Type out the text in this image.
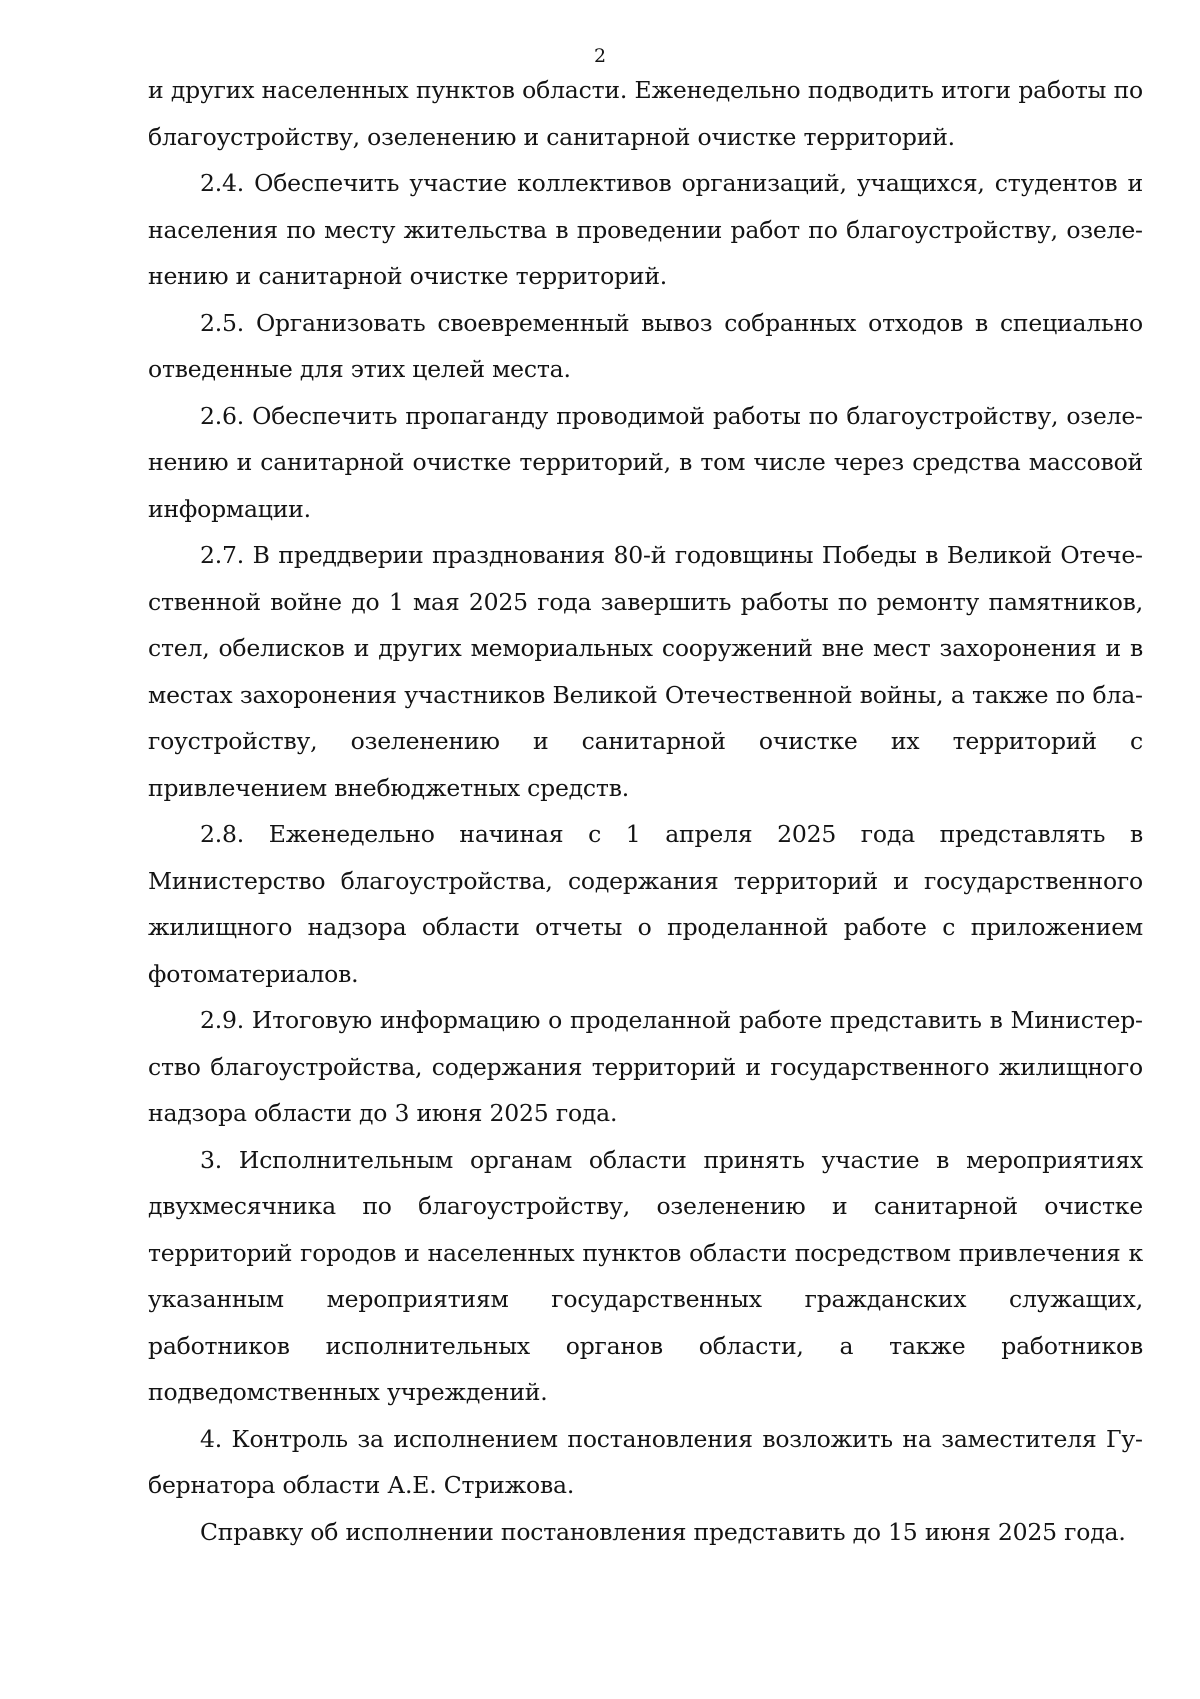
2

и других населенных пунктов области. Еженедельно подводить итоги работы по благоустройству, озеленению и санитарной очистке территорий.

2.4. Обеспечить участие коллективов организаций, учащихся, студентов и населения по месту жительства в проведении работ по благоустройству, озеленению и санитарной очистке территорий.

2.5. Организовать своевременный вывоз собранных отходов в специально отведенные для этих целей места.

2.6. Обеспечить пропаганду проводимой работы по благоустройству, озеленению и санитарной очистке территорий, в том числе через средства массовой информации.

2.7. В преддверии празднования 80-й годовщины Победы в Великой Отечественной войне до 1 мая 2025 года завершить работы по ремонту памятников, стел, обелисков и других мемориальных сооружений вне мест захоронения и в местах захоронения участников Великой Отечественной войны, а также по благоустройству, озеленению и санитарной очистке их территорий с привлечением внебюджетных средств.

2.8. Еженедельно начиная с 1 апреля 2025 года представлять в Министерство благоустройства, содержания территорий и государственного жилищного надзора области отчеты о проделанной работе с приложением фотоматериалов.

2.9. Итоговую информацию о проделанной работе представить в Министерство благоустройства, содержания территорий и государственного жилищного надзора области до 3 июня 2025 года.

3. Исполнительным органам области принять участие в мероприятиях двухмесячника по благоустройству, озеленению и санитарной очистке территорий городов и населенных пунктов области посредством привлечения к указанным мероприятиям государственных гражданских служащих, работников исполнительных органов области, а также работников подведомственных учреждений.

4. Контроль за исполнением постановления возложить на заместителя Губернатора области А.Е. Стрижова.

Справку об исполнении постановления представить до 15 июня 2025 года.
